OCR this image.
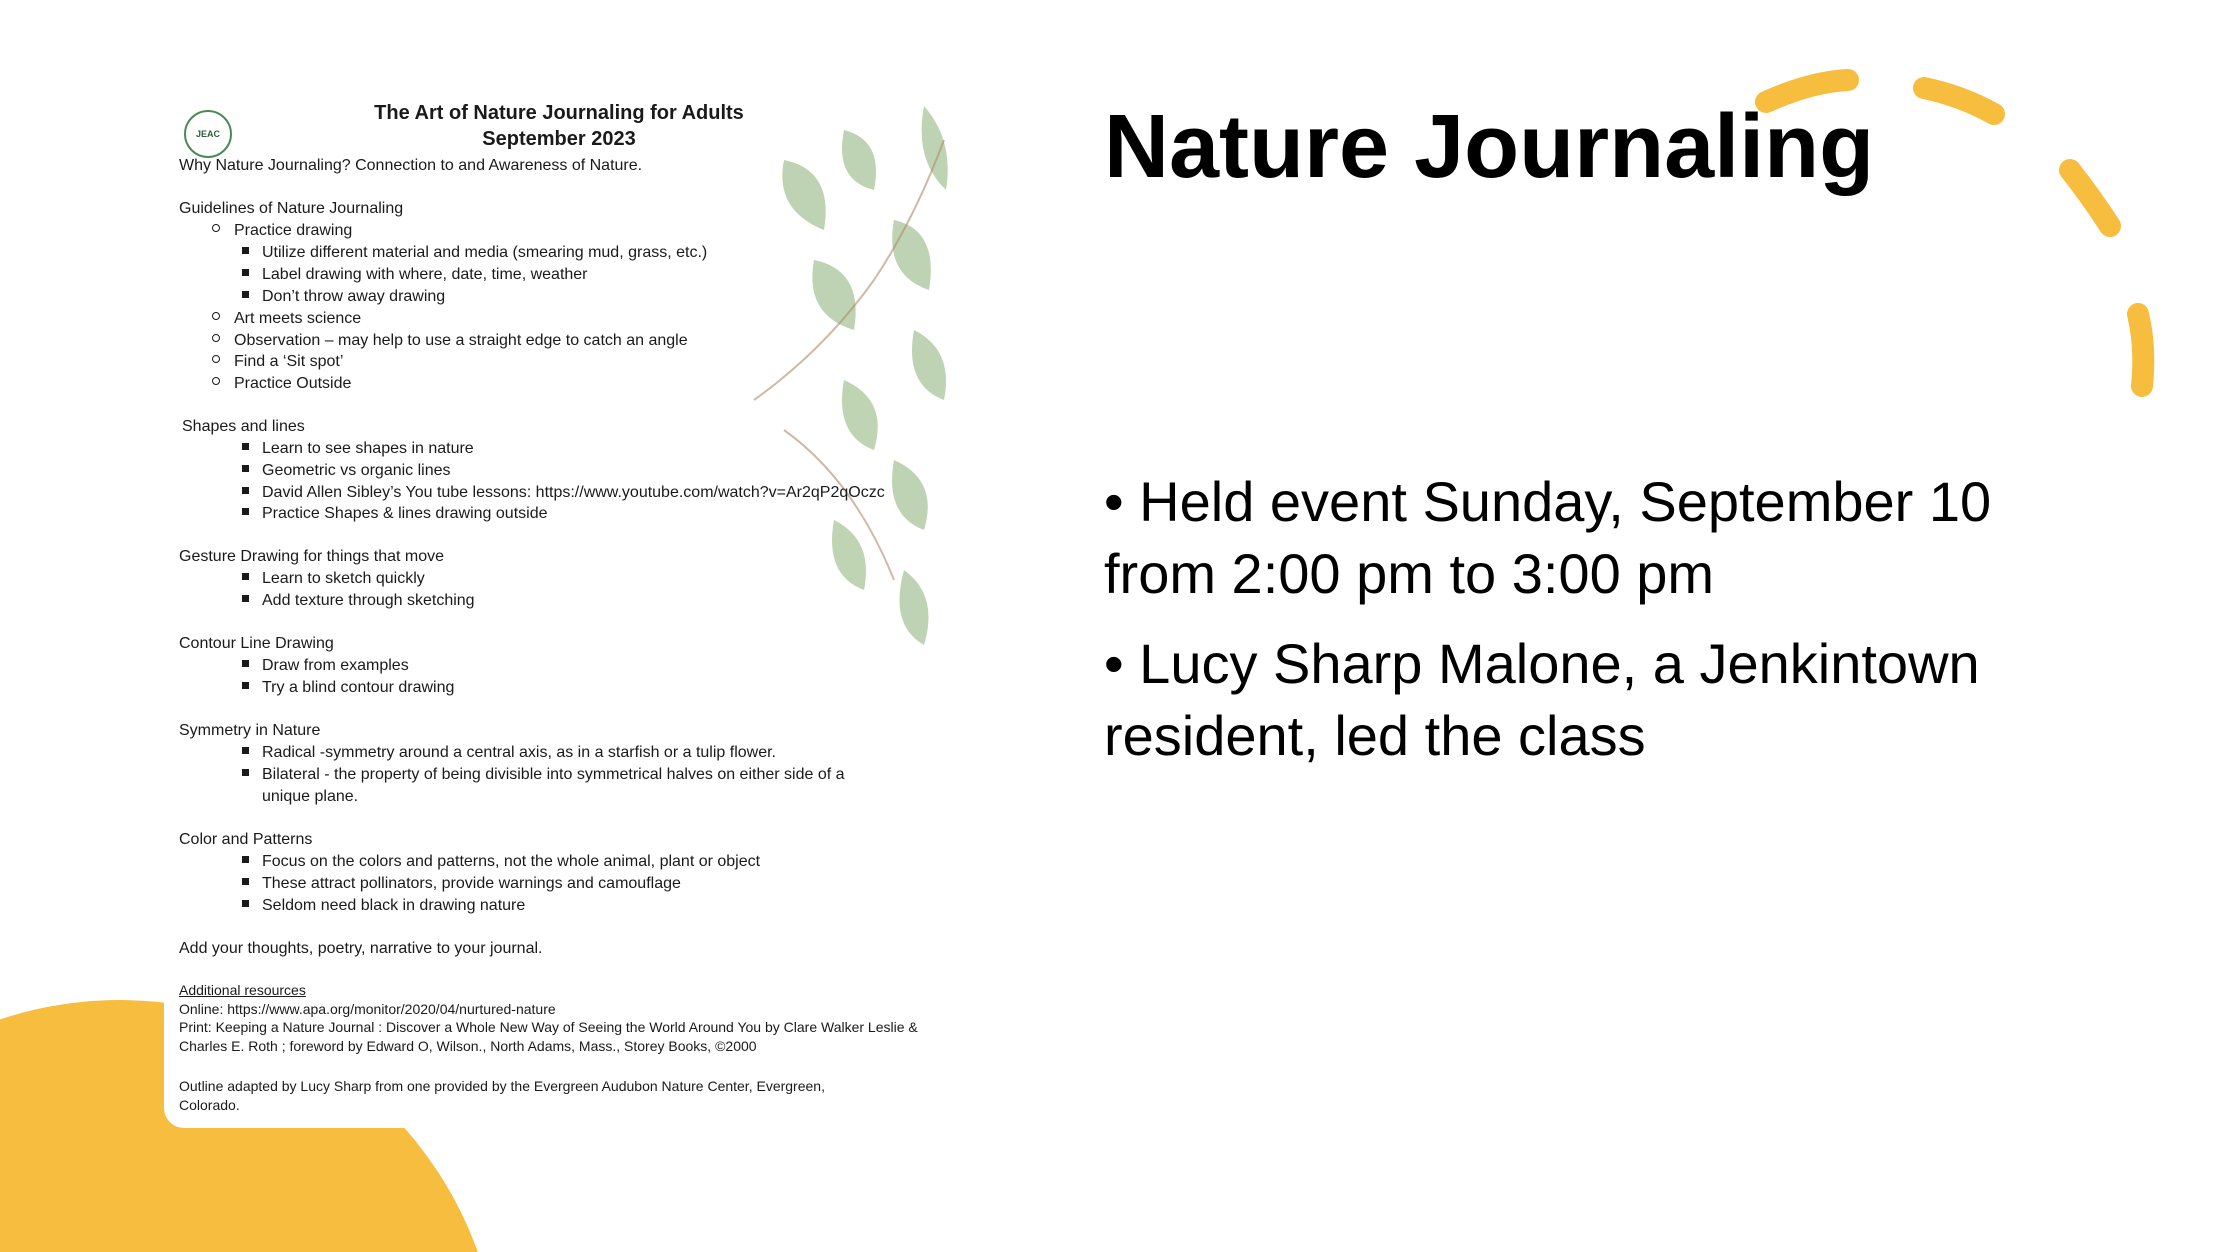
JEAC
The Art of Nature Journaling for Adults
September 2023
Why Nature Journaling? Connection to and Awareness of Nature.
Guidelines of Nature Journaling
Practice drawing
Utilize different material and media (smearing mud, grass, etc.)
Label drawing with where, date, time, weather
Don’t throw away drawing
Art meets science
Observation – may help to use a straight edge to catch an angle
Find a ‘Sit spot’
Practice Outside
Shapes and lines
Learn to see shapes in nature
Geometric vs organic lines
David Allen Sibley’s You tube lessons: https://www.youtube.com/watch?v=Ar2qP2qOczc
Practice Shapes & lines drawing outside
Gesture Drawing for things that move
Learn to sketch quickly
Add texture through sketching
Contour Line Drawing
Draw from examples
Try a blind contour drawing
Symmetry in Nature
Radical -symmetry around a central axis, as in a starfish or a tulip flower.
Bilateral - the property of being divisible into symmetrical halves on either side of a
unique plane.
Color and Patterns
Focus on the colors and patterns, not the whole animal, plant or object
These attract pollinators, provide warnings and camouflage
Seldom need black in drawing nature
Add your thoughts, poetry, narrative to your journal.
Additional resources
Online: https://www.apa.org/monitor/2020/04/nurtured-nature
Print: Keeping a Nature Journal : Discover a Whole New Way of Seeing the World Around You by Clare Walker Leslie &
Charles E. Roth ; foreword by Edward O, Wilson., North Adams, Mass., Storey Books, ©2000
Outline adapted by Lucy Sharp from one provided by the Evergreen Audubon Nature Center, Evergreen,
Colorado.
Nature Journaling
• Held event Sunday, September 10 from 2:00 pm to 3:00 pm
• Lucy Sharp Malone, a Jenkintown resident, led the class
